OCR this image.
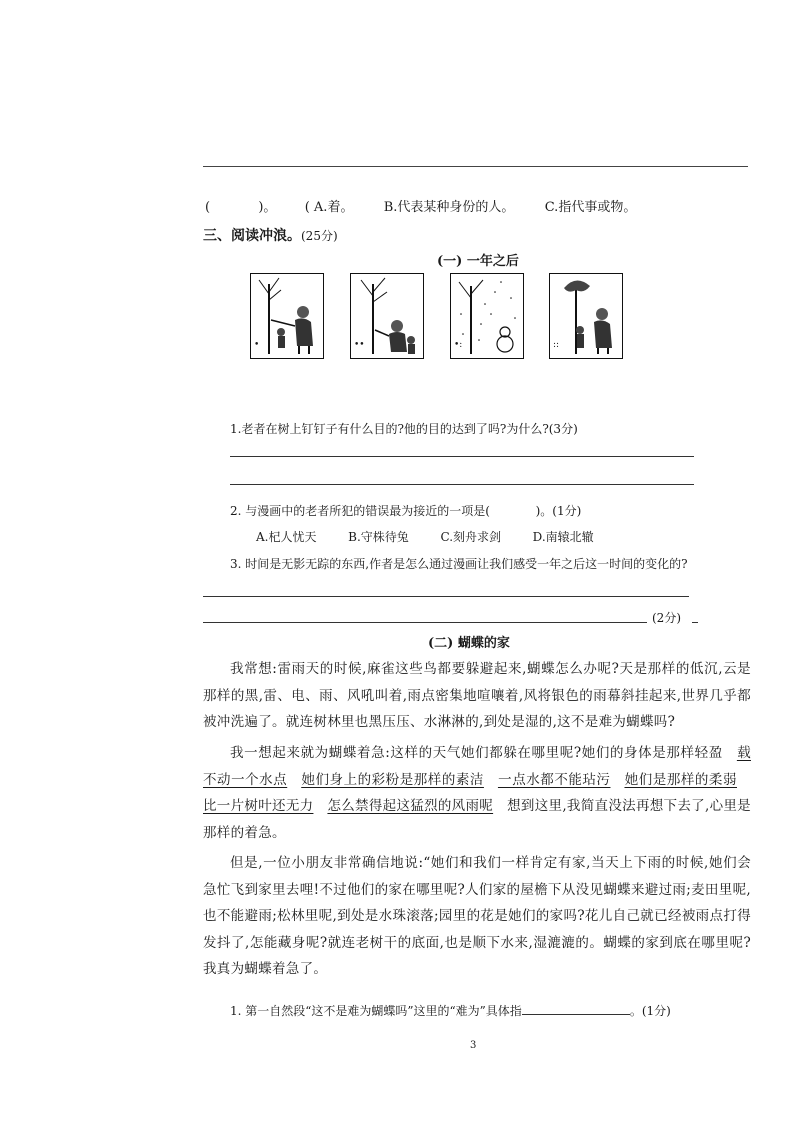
(	)。 ( A.着。 B.代表某种身份的人。 C.指代事或物。
三、阅读冲浪。(25分)
(一) 一年之后
•	••	•:	::
1.老者在树上钉钉子有什么目的?他的目的达到了吗?为什么?(3分)
2. 与漫画中的老者所犯的错误最为接近的一项是(	)。(1分)
A.杞人忧天	B.守株待兔	C.刻舟求剑	D.南辕北辙
3. 时间是无影无踪的东西,作者是怎么通过漫画让我们感受一年之后这一时间的变化的?
(2分)
(二) 蝴蝶的家
我常想:雷雨天的时候,麻雀这些鸟都要躲避起来,蝴蝶怎么办呢?天是那样的低沉,云是那样的黑,雷、电、雨、风吼叫着,雨点密集地喧嚷着,风将银色的雨幕斜挂起来,世界几乎都被冲洗遍了。就连树林里也黑压压、水淋淋的,到处是湿的,这不是难为蝴蝶吗?
我一想起来就为蝴蝶着急:这样的天气她们都躲在哪里呢?她们的身体是那样轻盈 载不动一个水点 她们身上的彩粉是那样的素洁 一点水都不能玷污 她们是那样的柔弱比一片树叶还无力 怎么禁得起这猛烈的风雨呢 想到这里,我简直没法再想下去了,心里是那样的着急。
但是,一位小朋友非常确信地说:“她们和我们一样肯定有家,当天上下雨的时候,她们会急忙飞到家里去哩!不过他们的家在哪里呢?人们家的屋檐下从没见蝴蝶来避过雨;麦田里呢,也不能避雨;松林里呢,到处是水珠滚落;园里的花是她们的家吗?花儿自己就已经被雨点打得发抖了,怎能藏身呢?就连老树干的底面,也是顺下水来,湿漉漉的。蝴蝶的家到底在哪里呢?我真为蝴蝶着急了。
1. 第一自然段“这不是难为蝴蝶吗”这里的“难为”具体指	。(1分)
3
